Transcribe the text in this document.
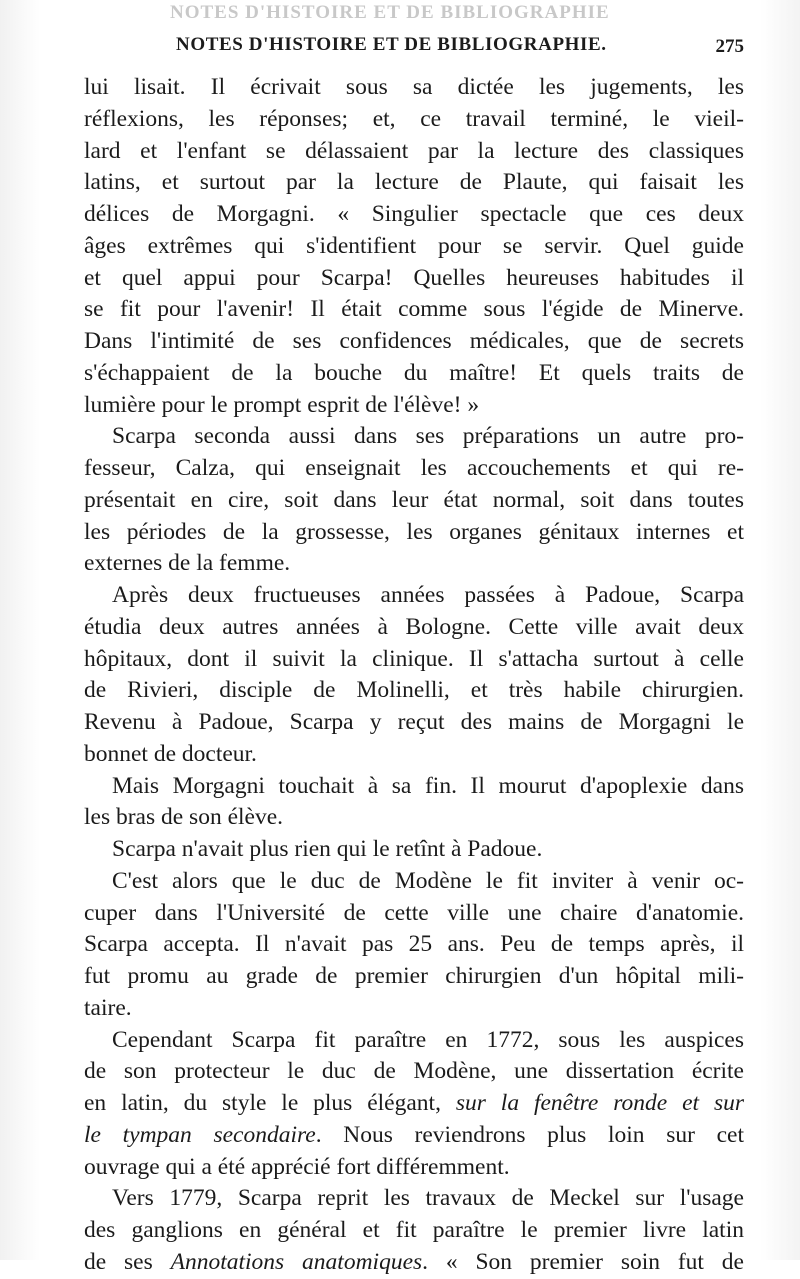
NOTES D'HISTOIRE ET DE BIBLIOGRAPHIE
NOTES D'HISTOIRE ET DE BIBLIOGRAPHIE.	275
lui lisait. Il écrivait sous sa dictée les jugements, les
réflexions, les réponses; et, ce travail terminé, le vieil-
lard et l'enfant se délassaient par la lecture des classiques
latins, et surtout par la lecture de Plaute, qui faisait les
délices de Morgagni. « Singulier spectacle que ces deux
âges extrêmes qui s'identifient pour se servir. Quel guide
et quel appui pour Scarpa! Quelles heureuses habitudes il
se fit pour l'avenir! Il était comme sous l'égide de Minerve.
Dans l'intimité de ses confidences médicales, que de secrets
s'échappaient de la bouche du maître! Et quels traits de
lumière pour le prompt esprit de l'élève! »
Scarpa seconda aussi dans ses préparations un autre pro-
fesseur, Calza, qui enseignait les accouchements et qui re-
présentait en cire, soit dans leur état normal, soit dans toutes
les périodes de la grossesse, les organes génitaux internes et
externes de la femme.
Après deux fructueuses années passées à Padoue, Scarpa
étudia deux autres années à Bologne. Cette ville avait deux
hôpitaux, dont il suivit la clinique. Il s'attacha surtout à celle
de Rivieri, disciple de Molinelli, et très habile chirurgien.
Revenu à Padoue, Scarpa y reçut des mains de Morgagni le
bonnet de docteur.
Mais Morgagni touchait à sa fin. Il mourut d'apoplexie dans
les bras de son élève.
Scarpa n'avait plus rien qui le retînt à Padoue.
C'est alors que le duc de Modène le fit inviter à venir oc-
cuper dans l'Université de cette ville une chaire d'anatomie.
Scarpa accepta. Il n'avait pas 25 ans. Peu de temps après, il
fut promu au grade de premier chirurgien d'un hôpital mili-
taire.
Cependant Scarpa fit paraître en 1772, sous les auspices
de son protecteur le duc de Modène, une dissertation écrite
en latin, du style le plus élégant, sur la fenêtre ronde et sur
le tympan secondaire. Nous reviendrons plus loin sur cet
ouvrage qui a été apprécié fort différemment.
Vers 1779, Scarpa reprit les travaux de Meckel sur l'usage
des ganglions en général et fit paraître le premier livre latin
de ses Annotations anatomiques. « Son premier soin fut de
